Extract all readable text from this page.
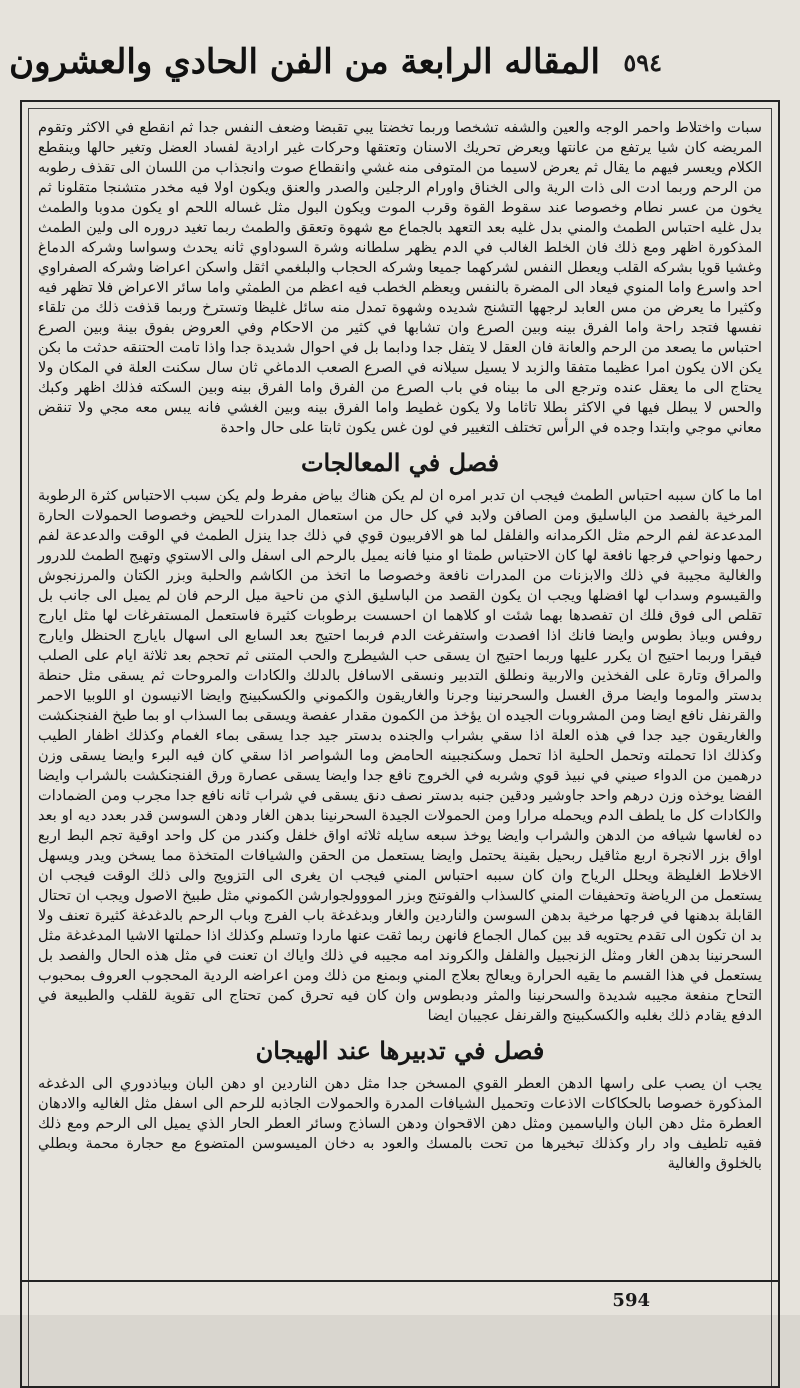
٥٩٤
المقاله الرابعة من الفن الحادي والعشرون

سبات واختلاط واحمر الوجه والعين والشفه تشخصا وربما تخضتا يبي تقبضا وضعف النفس جدا ثم انقطع في الاكثر وتقوم المريضه كان شيا يرتفع من عانتها ويعرض تحريك الاسنان وتعتقها وحركات غير ارادية لفساد العضل وتغير حالها وينقطع الكلام ويعسر فيهم ما يقال ثم يعرض لاسيما من المتوفى منه غشي وانقطاع صوت وانجذاب من اللسان الى تقذف رطوبه من الرحم وربما ادت الى ذات الرية والى الخناق واورام الرجلين والصدر والعنق ويكون اولا فيه مخدر متشنجا متقلونا ثم يخون من عسر نطام وخصوصا عند سقوط القوة وقرب الموت ويكون البول مثل غساله اللحم او يكون مدوبا والطمث بدل غليه احتباس الطمث والمني بدل غليه بعد التعهد بالجماع مع شهوة وتعقق والطمث ربما تغيد دروره الى ولين الطمث المذكورة اظهر ومع ذلك فان الخلط الغالب في الدم يظهر سلطانه وشرة السوداوي ثانه يحدث وسواسا وشركه الدماغ وغشيا قويا بشركه القلب ويعطل النفس لشركهما جميعا وشركه الحجاب والبلغمي اثقل واسكن اعراضا وشركه الصفراوي احد واسرع واما المنوي فيعاد الى المضرة بالنفس ويعظم الخطب فيه اعظم من الطمثي واما سائر الاعراض فلا تظهر فيه وكثيرا ما يعرض من مس العابد لرجهها التشنج شديده وشهوة تمدل منه سائل غليظا وتسترخ وربما قذفت ذلك من تلقاء نفسها فتجد راحة واما الفرق بينه وبين الصرع وان تشابها في كثير من الاحكام وفي العروض بفوق بينة وبين الصرع احتباس ما يصعد من الرحم والعانة فان العقل لا يتفل جدا ودابما بل في احوال شديدة جدا واذا تامت الحتنقه حدثت ما بكن يكن الان يكون امرا عظيما متفقا والزبد لا يسيل سيلانه في الصرع الصعب الدماغي ثان سال سكنت العلة في المكان ولا يحتاج الى ما يعقل عنده وترجع الى ما بيناه في باب الصرع من الفرق واما الفرق بينه وبين السكته فذلك اظهر وكبك والحس لا يبطل فيها في الاكثر بطلا تاثاما ولا يكون غطيط واما الفرق بينه وبين الغشي فانه يبس معه مجي ولا تنقض معاني موجي وابتدا وجده في الرأس تختلف التغيير في لون غس يكون ثابتا على حال واحدة

فصل في المعالجات

اما ما كان سببه احتباس الطمث فيجب ان تدبر امره ان لم يكن هناك بياض مفرط ولم يكن سبب الاحتباس كثرة الرطوبة المرخية بالفصد من الباسليق ومن الصافن ولابد في كل حال من استعمال المدرات للحيض وخصوصا الحمولات الحارة المدعدعة لفم الرحم مثل الكرمدانه والفلفل لما هو الافربيون قوي في ذلك جدا ينزل الطمث في الوقت والدعدعة لفم رحمها ونواحي فرجها نافعة لها كان الاحتباس طمثا او منيا فانه يميل بالرحم الى اسفل والى الاستوي وتهيج الطمث للدرور والغالية مجيبة في ذلك والابزنات من المدرات نافعة وخصوصا ما اتخذ من الكاشم والحلبة وبزر الكتان والمرزنجوش والقيسوم وسداب لها افضلها ويجب ان يكون القصد من الباسليق الذي من ناحية ميل الرحم فان لم يميل الى جانب بل تقلص الى فوق فلك ان تفصدها بهما شئت او كلاهما ان احسست برطوبات كثيرة فاستعمل المستفرغات لها مثل ايارج روفس وبياذ بطوس وايضا فانك اذا افصدت واستفرغت الدم فربما احتيج بعد السابع الى اسهال بايارج الحنظل وايارج فيقرا وربما احتيج ان يكرر عليها وربما احتيج ان يسقى حب الشيطرج والحب المتنى ثم تحجم بعد ثلاثة ايام على الصلب والمراق وتارة على الفخذين والاربية ونطلق التدبير ونسقى الاسافل بالدلك والكادات والمروحات ثم يسقى مثل حنطة بدستر والموما وايضا مرق الغسل والسحرنينا وجرنا والغاريقون والكموني والكسكبينج وايضا الانيسون او اللوبيا الاحمر والقرنفل نافع ايضا ومن المشروبات الجيده ان يؤخذ من الكمون مقدار عفصة ويسقى بما السذاب او بما طبخ الفنجنكشت والغاريقون جيد جدا في هذه العلة اذا سقي بشراب والجنده بدستر جيد جدا يسقى بماء الغمام وكذلك اظفار الطيب وكذلك اذا تحملته وتحمل الحلية اذا تحمل وسكنجبينه الحامض وما الشواصر اذا سقي كان فيه البرء وايضا يسقى وزن درهمين من الدواء صيني في نبيذ قوي وشربه في الخروج نافع جدا وايضا يسقى عصارة ورق الفنجنكشت بالشراب وايضا الفضا يوخذه وزن درهم واحد جاوشير ودقين جنبه بدستر نصف دنق يسقى في شراب ثانه نافع جدا مجرب ومن الضمادات والكادات كل ما يلطف الدم ويحمله مرارا ومن الحمولات الجيدة السحرنينا بدهن الغار ودهن السوسن قدر بعدد ديه او بعد ده لغاسها شيافه من الدهن والشراب وايضا يوخذ سبعه سايله ثلاثه اواق خلفل وكندر من كل واحد اوقية تجم البط اربع اواق بزر الانجرة اربع مثاقيل ربحيل بقينة يحتمل وايضا يستعمل من الحقن والشيافات المتخذة مما يسخن ويدر ويسهل الاخلاط الغليظة ويحلل الرياح وان كان سببه احتباس المني فيجب ان يغرى الى التزويج والى ذلك الوقت فيجب ان يستعمل من الرياضة وتحفيفات المني كالسذاب والفوتنج وبزر المووولجوارشن الكموني مثل طبيخ الاصول ويجب ان تحتال القابلة بدهنها في فرجها مرخية بدهن السوسن والناردين والغار وبدغدغة باب الفرج وباب الرحم بالدغدغة كثيرة تعنف ولا بد ان تكون الى تقدم يحتويه قد بين كمال الجماع فانهن ربما ثقت عنها ماردا وتسلم وكذلك اذا حملتها الاشيا المدغدغة مثل السحرنينا بدهن الغار ومثل الزنجبيل والفلفل والكروند امه مجيبه في ذلك واياك ان تعنت في مثل هذه الحال والفصد بل يستعمل في هذا القسم ما يقيه الحرارة ويعالج بعلاج المني وبمنع من ذلك ومن اعراضه الردية المحجوب العروف بمحبوب التحاح منفعة مجيبه شديدة والسحرنينا والمثر ودبطوس وان كان فيه تحرق كمن تحتاج الى تقوية للقلب والطبيعة في الدفع يقادم ذلك بغلبه والكسكبينج والقرنفل عجيبان ايضا

فصل في تدبيرها عند الهيجان

يجب ان يصب على راسها الدهن العطر القوي المسخن جدا مثل دهن الناردين او دهن البان وبياذدوري الى الدغدغه المذكورة خصوصا بالحكاكات الاذعات وتحميل الشيافات المدرة والحمولات الجاذبه للرحم الى اسفل مثل الغاليه والادهان العطرة مثل دهن البان والياسمين ومثل دهن الاقحوان ودهن الساذج وسائر العطر الحار الذي يميل الى الرحم ومع ذلك فقيه تلطيف واد رار وكذلك تبخيرها من تحت بالمسك والعود به دخان الميسوسن المتضوع مع حجارة محمة وبطلي بالخلوق والغالية

594
